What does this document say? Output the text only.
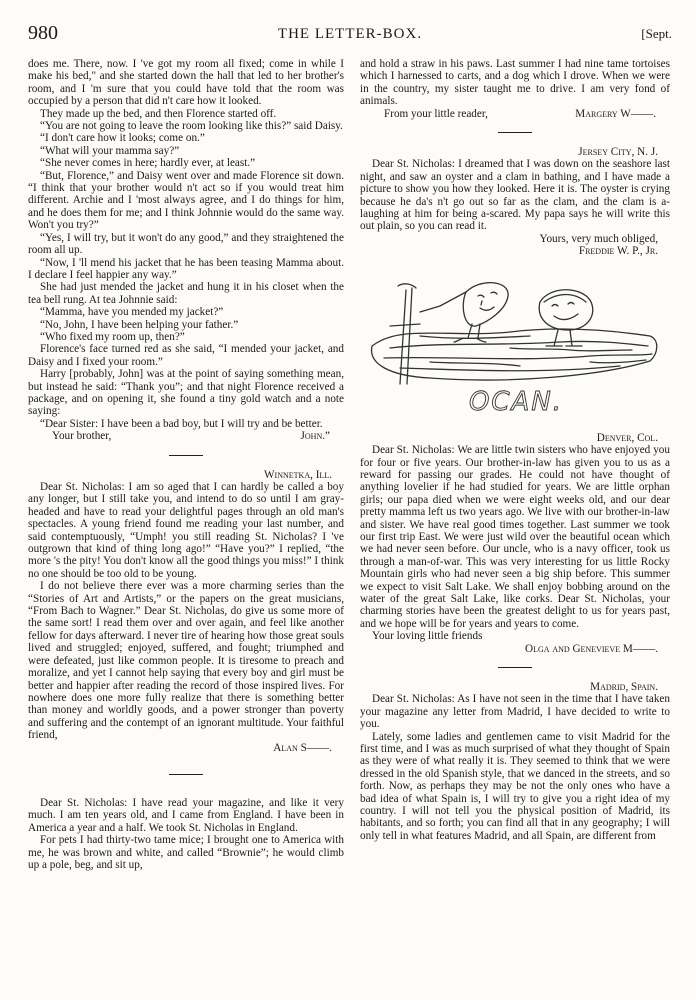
980	THE LETTER-BOX.	[Sept.

does me. There, now. I 've got my room all fixed; come in while I make his bed," and she started down the hall that led to her brother's room, and I 'm sure that you could have told that the room was occupied by a person that did n't care how it looked.

They made up the bed, and then Florence started off.

“You are not going to leave the room looking like this?” said Daisy.

“I don't care how it looks; come on.”

“What will your mamma say?”

“She never comes in here; hardly ever, at least.”

“But, Florence,” and Daisy went over and made Florence sit down. “I think that your brother would n't act so if you would treat him different. Archie and I 'most always agree, and I do things for him, and he does them for me; and I think Johnnie would do the same way. Won't you try?”

“Yes, I will try, but it won't do any good,” and they straightened the room all up.

“Now, I 'll mend his jacket that he has been teasing Mamma about. I declare I feel happier any way.”

She had just mended the jacket and hung it in his closet when the tea bell rung. At tea Johnnie said:

“Mamma, have you mended my jacket?”

“No, John, I have been helping your father.”

“Who fixed my room up, then?”

Florence's face turned red as she said, “I mended your jacket, and Daisy and I fixed your room.”

Harry [probably, John] was at the point of saying something mean, but instead he said: “Thank you”; and that night Florence received a package, and on opening it, she found a tiny gold watch and a note saying:

“Dear Sister: I have been a bad boy, but I will try and be better.

Your brother,	John.”
Winnetka, Ill.

Dear St. Nicholas: I am so aged that I can hardly be called a boy any longer, but I still take you, and intend to do so until I am gray-headed and have to read your delightful pages through an old man's spectacles. A young friend found me reading your last number, and said contemptuously, “Umph! you still reading St. Nicholas? I 've outgrown that kind of thing long ago!” “Have you?” I replied, “the more 's the pity! You don't know all the good things you miss!” I think no one should be too old to be young.

I do not believe there ever was a more charming series than the “Stories of Art and Artists,” or the papers on the great musicians, “From Bach to Wagner.” Dear St. Nicholas, do give us some more of the same sort! I read them over and over again, and feel like another fellow for days afterward. I never tire of hearing how those great souls lived and struggled; enjoyed, suffered, and fought; triumphed and were defeated, just like common people. It is tiresome to preach and moralize, and yet I cannot help saying that every boy and girl must be better and happier after reading the record of those inspired lives. For nowhere does one more fully realize that there is something better than money and worldly goods, and a power stronger than poverty and suffering and the contempt of an ignorant multitude. Your faithful friend,

Alan S——.

Dear St. Nicholas: I have read your magazine, and like it very much. I am ten years old, and I came from England. I have been in America a year and a half. We took St. Nicholas in England.

For pets I had thirty-two tame mice; I brought one to America with me, he was brown and white, and called “Brownie”; he would climb up a pole, beg, and sit up,

and hold a straw in his paws. Last summer I had nine tame tortoises which I harnessed to carts, and a dog which I drove. When we were in the country, my sister taught me to drive. I am very fond of animals.

From your little reader,	Margery W——.
Jersey City, N. J.

Dear St. Nicholas: I dreamed that I was down on the seashore last night, and saw an oyster and a clam in bathing, and I have made a picture to show you how they looked. Here it is. The oyster is crying because he da's n't go out so far as the clam, and the clam is a-laughing at him for being a-scared. My papa says he will write this out plain, so you can read it.

Yours, very much obliged,
Freddie W. P., Jr.
OCAN.
Denver, Col.

Dear St. Nicholas: We are little twin sisters who have enjoyed you for four or five years. Our brother-in-law has given you to us as a reward for passing our grades. He could not have thought of anything lovelier if he had studied for years. We are little orphan girls; our papa died when we were eight weeks old, and our dear pretty mamma left us two years ago. We live with our brother-in-law and sister. We have real good times together. Last summer we took our first trip East. We were just wild over the beautiful ocean which we had never seen before. Our uncle, who is a navy officer, took us through a man-of-war. This was very interesting for us little Rocky Mountain girls who had never seen a big ship before. This summer we expect to visit Salt Lake. We shall enjoy bobbing around on the water of the great Salt Lake, like corks. Dear St. Nicholas, your charming stories have been the greatest delight to us for years past, and we hope will be for years and years to come.

Your loving little friends

Olga and Genevieve M——.
Madrid, Spain.

Dear St. Nicholas: As I have not seen in the time that I have taken your magazine any letter from Madrid, I have decided to write to you.

Lately, some ladies and gentlemen came to visit Madrid for the first time, and I was as much surprised of what they thought of Spain as they were of what really it is. They seemed to think that we were dressed in the old Spanish style, that we danced in the streets, and so forth. Now, as perhaps they may be not the only ones who have a bad idea of what Spain is, I will try to give you a right idea of my country. I will not tell you the physical position of Madrid, its habitants, and so forth; you can find all that in any geography; I will only tell in what features Madrid, and all Spain, are different from
